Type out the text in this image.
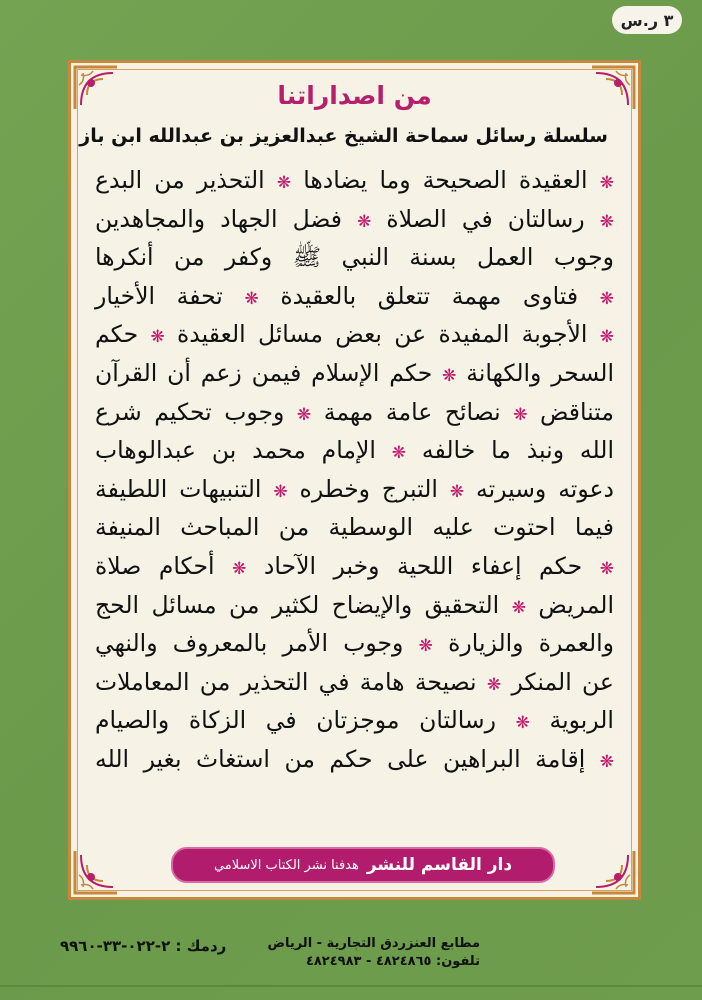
٣ ر.س
من اصداراتنا
سلسلة رسائل سماحة الشيخ عبدالعزيز بن عبدالله ابن باز
❋ العقيدة الصحيحة وما يضادها ❋ التحذير من البدع
❋ رسالتان في الصلاة ❋ فضل الجهاد والمجاهدين
وجوب العمل بسنة النبي ﷺ وكفر من أنكرها
❋ فتاوى مهمة تتعلق بالعقيدة ❋ تحفة الأخيار
❋ الأجوبة المفيدة عن بعض مسائل العقيدة ❋ حكم
السحر والكهانة ❋ حكم الإسلام فيمن زعم أن القرآن
متناقض ❋ نصائح عامة مهمة ❋ وجوب تحكيم شرع
الله ونبذ ما خالفه ❋ الإمام محمد بن عبدالوهاب
دعوته وسيرته ❋ التبرج وخطره ❋ التنبيهات اللطيفة
فيما احتوت عليه الوسطية من المباحث المنيفة
❋ حكم إعفاء اللحية وخبر الآحاد ❋ أحكام صلاة
المريض ❋ التحقيق والإيضاح لكثير من مسائل الحج
والعمرة والزيارة ❋ وجوب الأمر بالمعروف والنهي
عن المنكر ❋ نصيحة هامة في التحذير من المعاملات
الربوية ❋ رسالتان موجزتان في الزكاة والصيام
❋ إقامة البراهين على حكم من استغاث بغير الله
دار القاسم للنشر
هدفنا نشر الكتاب الاسلامي
مطابع العنزردق التجارية - الرياض
تلفون: ٤٨٢٤٨٦٥ - ٤٨٢٤٩٨٣
ردمك : ٢-٠٢٢-٣٣-٩٩٦٠
